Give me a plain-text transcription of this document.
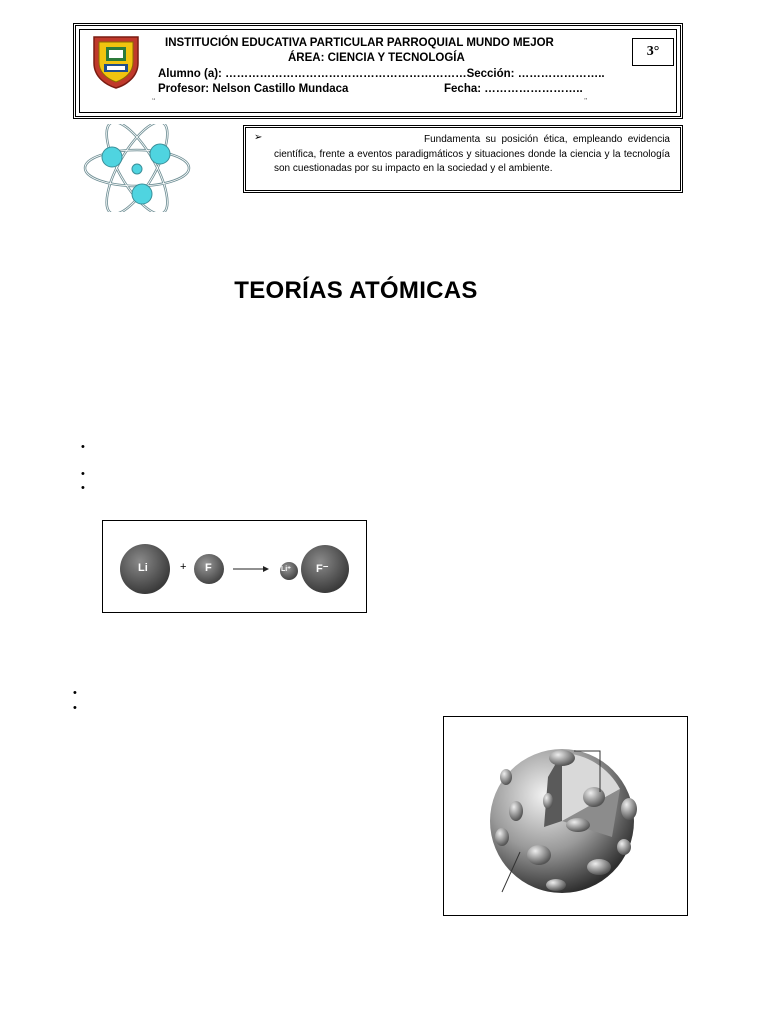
INSTITUCIÓN EDUCATIVA PARTICULAR PARROQUIAL MUNDO MEJOR
ÁREA: CIENCIA Y TECNOLOGÍA
Alumno (a): ………………………………………………………Sección: …………………..
Profesor: Nelson Castillo Mundaca	Fecha: ……………………..
‘‘	’’
3°
➢	Fundamenta su posición ética, empleando evidencia científica, frente a eventos paradigmáticos y situaciones donde la ciencia y la tecnología son cuestionadas por su impacto en la sociedad y el ambiente.
TEORÍAS ATÓMICAS
•
•
•
•
•
Li	+ F	Li⁺ F⁻
